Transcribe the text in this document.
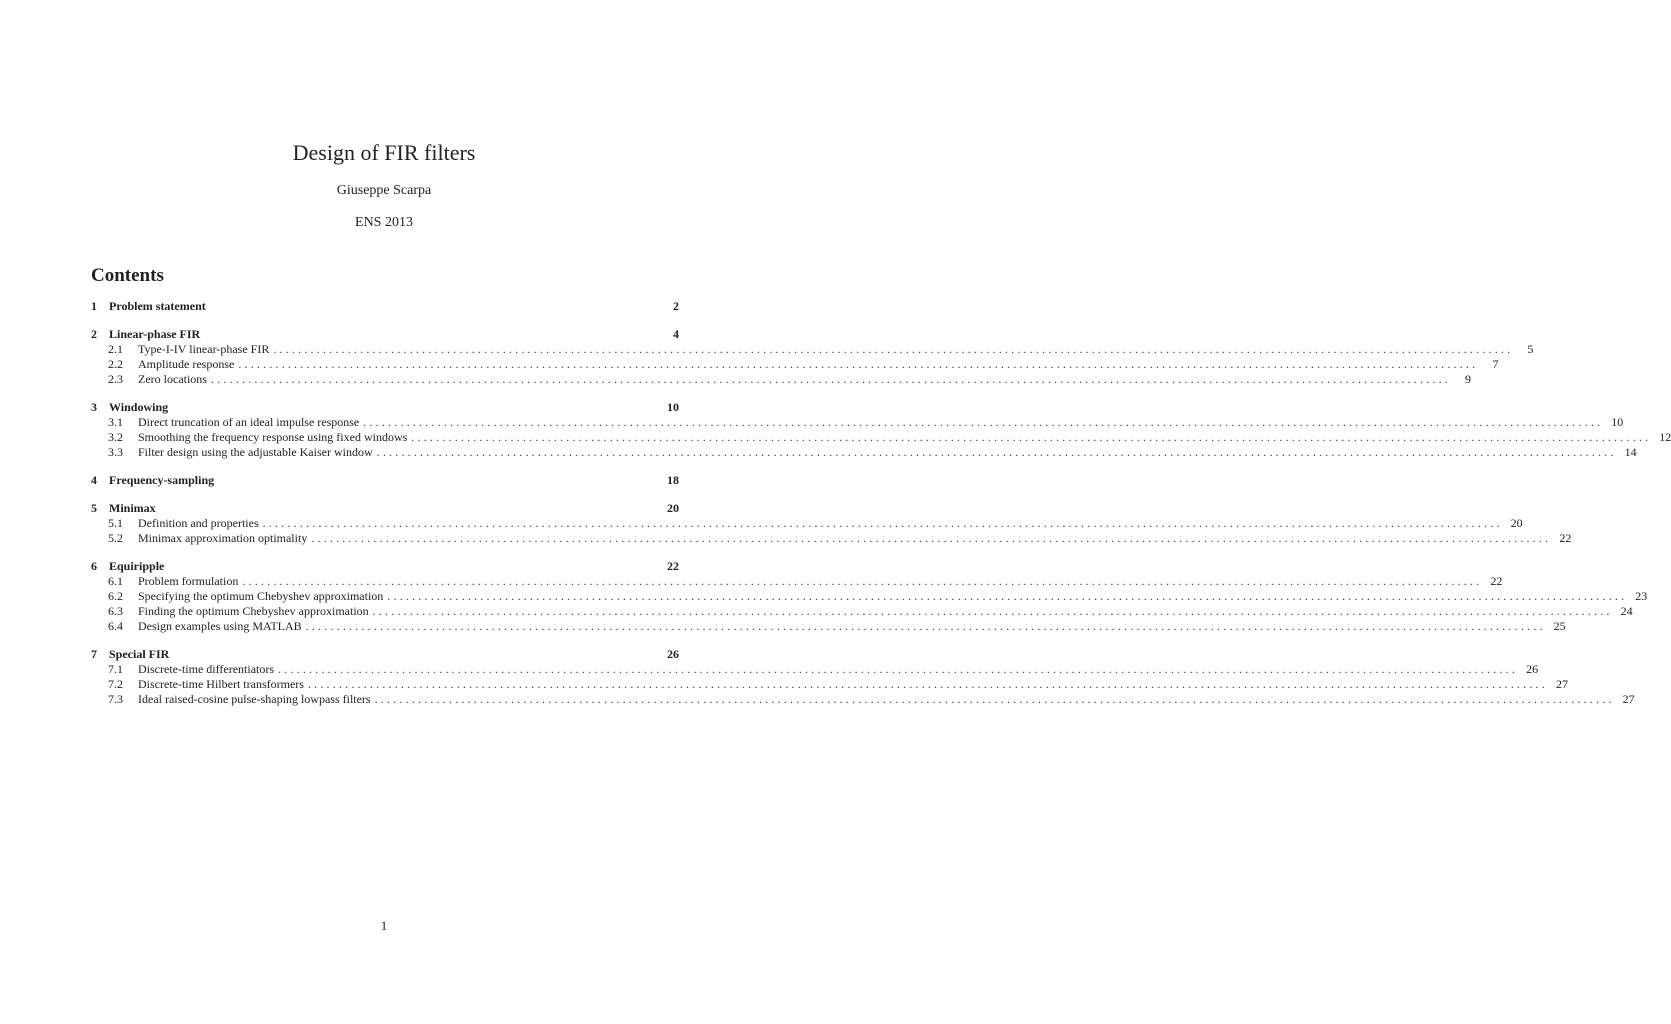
Design of FIR filters
Giuseppe Scarpa
ENS 2013
Contents
1	Problem statement	2
2	Linear-phase FIR	4
2.1	Type-I-IV linear-phase FIR ........................................................................................................................................................................................................	5
2.2	Amplitude response ........................................................................................................................................................................................................	7
2.3	Zero locations ........................................................................................................................................................................................................	9
3	Windowing	10
3.1	Direct truncation of an ideal impulse response ........................................................................................................................................................................................................ 10
3.2	Smoothing the frequency response using fixed windows ........................................................................................................................................................................................................ 12
3.3	Filter design using the adjustable Kaiser window ........................................................................................................................................................................................................ 14
4	Frequency-sampling	18
5	Minimax	20
5.1	Definition and properties ........................................................................................................................................................................................................ 20
5.2	Minimax approximation optimality ........................................................................................................................................................................................................ 22
6	Equiripple	22
6.1	Problem formulation ........................................................................................................................................................................................................ 22
6.2	Specifying the optimum Chebyshev approximation ........................................................................................................................................................................................................ 23
6.3	Finding the optimum Chebyshev approximation ........................................................................................................................................................................................................ 24
6.4	Design examples using MATLAB ........................................................................................................................................................................................................ 25
7	Special FIR	26
7.1	Discrete-time differentiators ........................................................................................................................................................................................................ 26
7.2	Discrete-time Hilbert transformers ........................................................................................................................................................................................................ 27
7.3	Ideal raised-cosine pulse-shaping lowpass filters ........................................................................................................................................................................................................ 27
1
